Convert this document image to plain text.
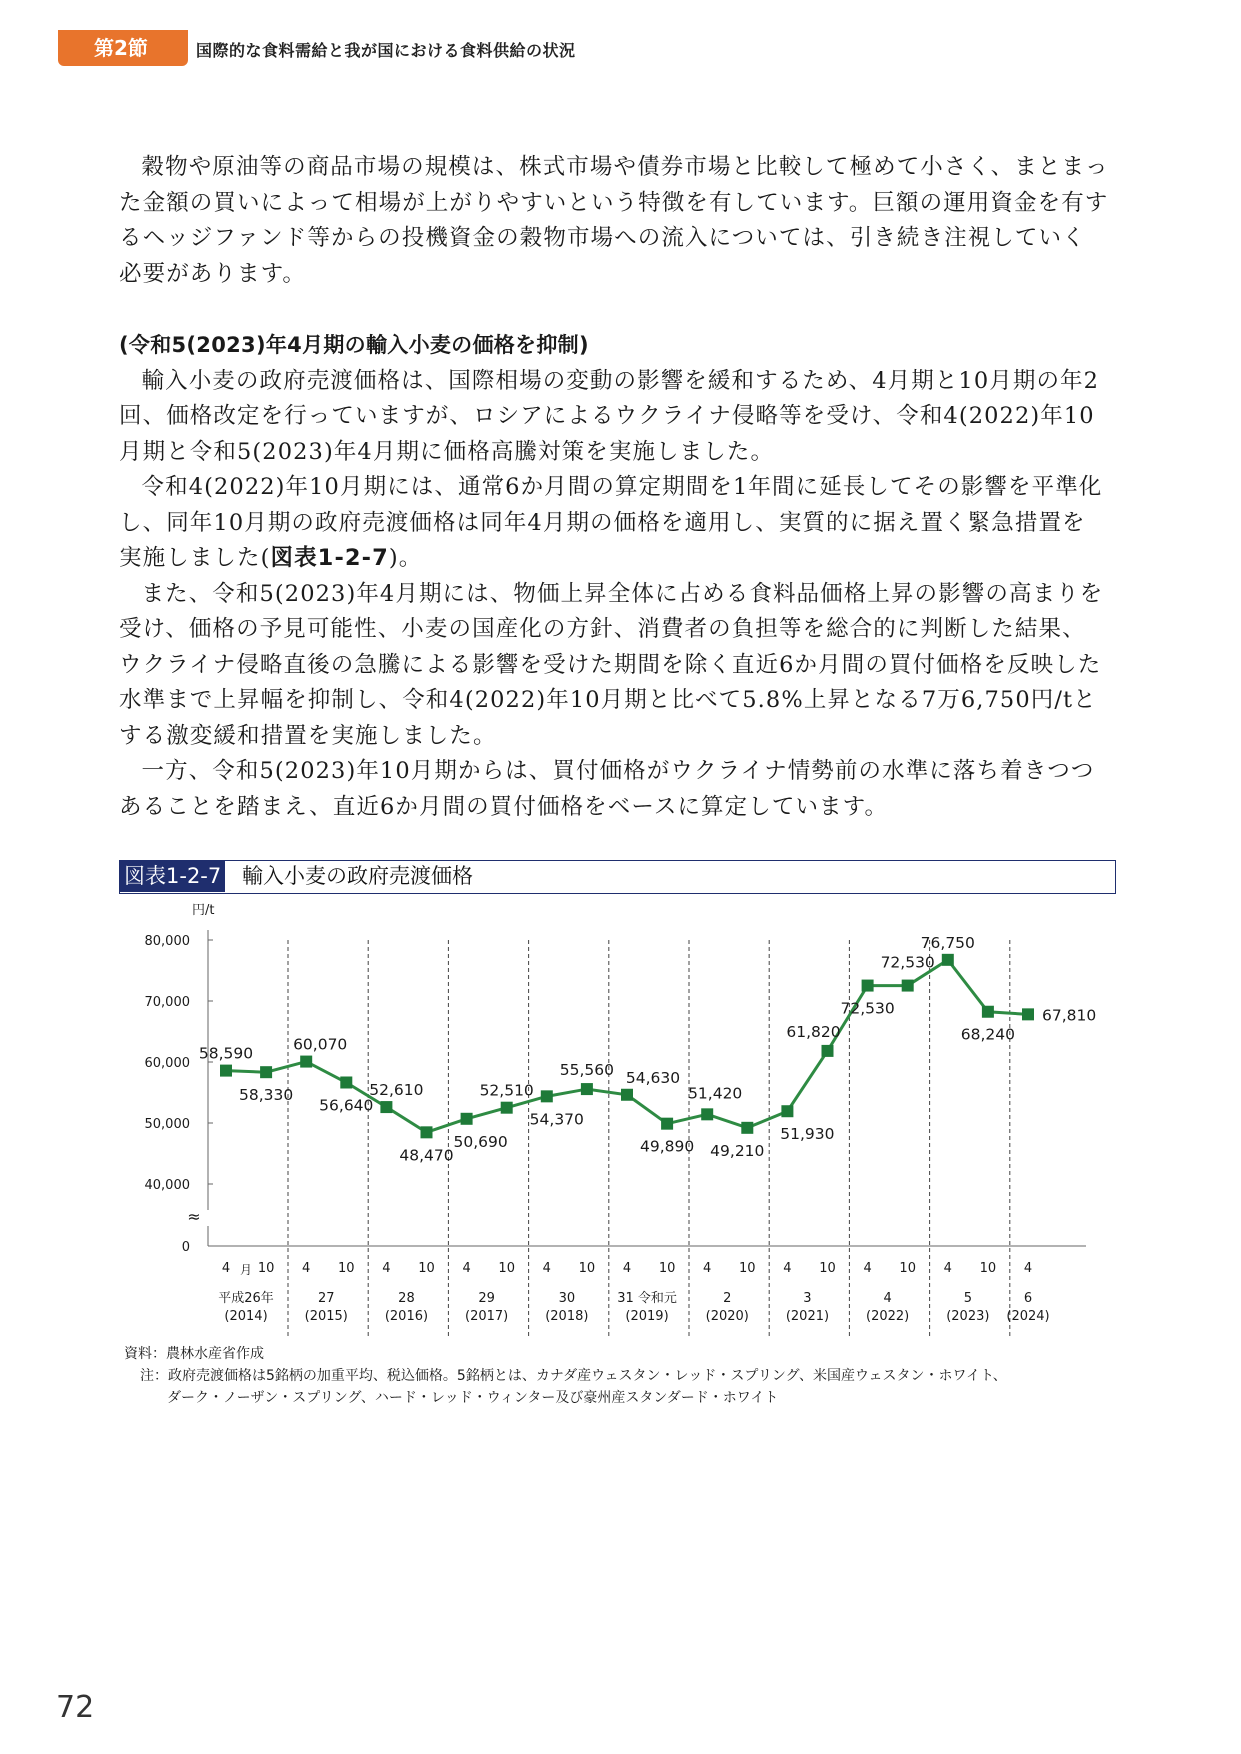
第2節	国際的な食料需給と我が国における食料供給の状況

穀物や原油等の商品市場の規模は、株式市場や債券市場と比較して極めて小さく、まとまった金額の買いによって相場が上がりやすいという特徴を有しています。巨額の運用資金を有するヘッジファンド等からの投機資金の穀物市場への流入については、引き続き注視していく必要があります。

(令和5(2023)年4月期の輸入小麦の価格を抑制)

輸入小麦の政府売渡価格は、国際相場の変動の影響を緩和するため、4月期と10月期の年2回、価格改定を行っていますが、ロシアによるウクライナ侵略等を受け、令和4(2022)年10月期と令和5(2023)年4月期に価格高騰対策を実施しました。

令和4(2022)年10月期には、通常6か月間の算定期間を1年間に延長してその影響を平準化し、同年10月期の政府売渡価格は同年4月期の価格を適用し、実質的に据え置く緊急措置を実施しました(図表1-2-7)。

また、令和5(2023)年4月期には、物価上昇全体に占める食料品価格上昇の影響の高まりを受け、価格の予見可能性、小麦の国産化の方針、消費者の負担等を総合的に判断した結果、ウクライナ侵略直後の急騰による影響を受けた期間を除く直近6か月間の買付価格を反映した水準まで上昇幅を抑制し、令和4(2022)年10月期と比べて5.8%上昇となる7万6,750円/tとする激変緩和措置を実施しました。

一方、令和5(2023)年10月期からは、買付価格がウクライナ情勢前の水準に落ち着きつつあることを踏まえ、直近6か月間の買付価格をベースに算定しています。

図表1-2-7 輸入小麦の政府売渡価格
≈
円/t
80,000
70,000
60,000
50,000
40,000
0
4 10 4 10 4 10 4 10 4 10 4 10 4 10 4 10 4 10 4 10 4
月
平成26年
(2014)
27
(2015)
28
(2016)
29
(2017)
30
(2018)
31 令和元
(2019)
2
(2020)
3
(2021)
4
(2022)
5
(2023)
6
(2024)
58,590
58,330
60,070
56,640
52,610
48,470
50,690
52,510
54,370
55,560 54,630
49,890
51,420
49,210
51,930
61,820
72,530
72,530
76,750
68,240
67,810
資料：農林水産省作成
注：政府売渡価格は5銘柄の加重平均、税込価格。5銘柄とは、カナダ産ウェスタン・レッド・スプリング、米国産ウェスタン・ホワイト、
ダーク・ノーザン・スプリング、ハード・レッド・ウィンター及び豪州産スタンダード・ホワイト
72
